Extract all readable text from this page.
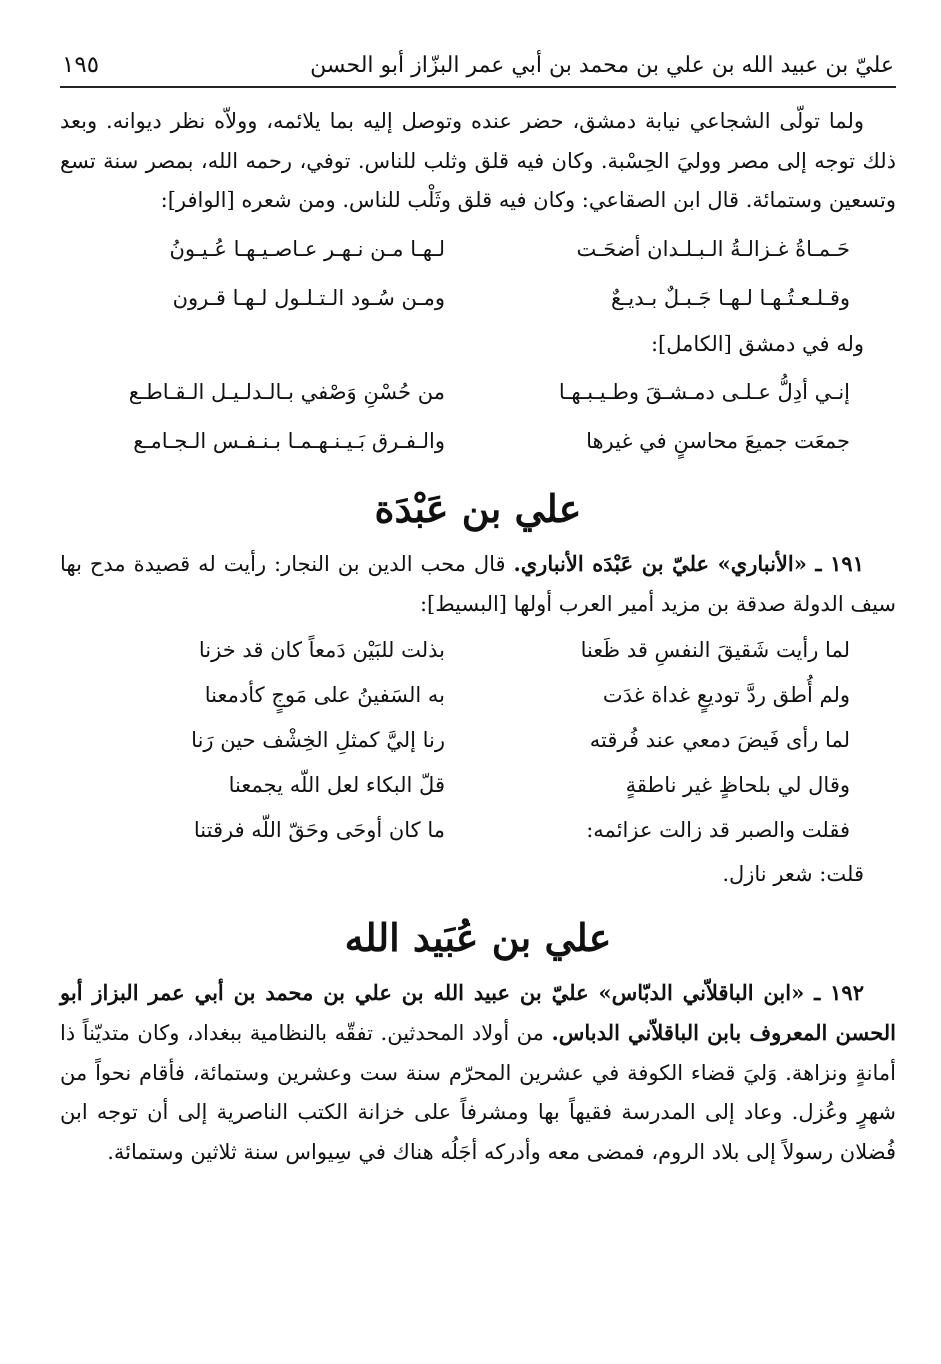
عليّ بن عبيد الله بن علي بن محمد بن أبي عمر البزّاز أبو الحسن
١٩٥

ولما تولّى الشجاعي نيابة دمشق، حضر عنده وتوصل إليه بما يلائمه، وولاّه نظر ديوانه. وبعد ذلك توجه إلى مصر ووليَ الحِسْبة. وكان فيه قلق وثلب للناس. توفي، رحمه الله، بمصر سنة تسع وتسعين وستمائة. قال ابن الصقاعي: وكان فيه قلق وثَلْب للناس. ومن شعره [الوافر]:

حَـمـاةُ غـزالـةُ الـبـلـدان أضحَـت
لـهـا مـن نـهـر عـاصـيـهـا عُـيـونُ
وقـلـعـتُـهـا لـهـا جَـبـلٌ بـديـعٌ
ومـن سُـود الـتـلـول لـهـا قـرون

وله في دمشق [الكامل]:

إنـي أدِلُّ عـلـى دمـشـقَ وطـيـبـهـا
من حُسْنِ وَصْفي بـالـدلـيـل الـقـاطـع
جمعَت جميعَ محاسنٍ في غيرها
والـفـرق بَـيـنـهـمـا بـنـفـس الـجـامـع
علي بن عَبْدَة

١٩١ ـ «الأنباري» عليّ بن عَبْدَه الأنباري. قال محب الدين بن النجار: رأيت له قصيدة مدح بها سيف الدولة صدقة بن مزيد أمير العرب أولها [البسيط]:

لما رأيت شَقيقَ النفسِ قد ظَعنا
بذلت للبَيْن دَمعاً كان قد خزنا
ولم أُطق ردَّ توديعٍ غداة غدَت
به السَفينُ على مَوجٍ كأدمعنا
لما رأى فَيضَ دمعي عند فُرقته
رنا إليَّ كمثلِ الخِشْف حين رَنا
وقال لي بلحاظٍ غير ناطقةٍ
قلّ البكاء لعل اللّه يجمعنا
فقلت والصبر قد زالت عزائمه:
ما كان أوحَى وحَقّ اللّه فرقتنا

قلت: شعر نازل.

علي بن عُبَيد الله

١٩٢ ـ «ابن الباقلاّني الدبّاس» عليّ بن عبيد الله بن علي بن محمد بن أبي عمر البزاز أبو الحسن المعروف بابن الباقلاّني الدباس. من أولاد المحدثين. تفقّه بالنظامية ببغداد، وكان متديّناً ذا أمانةٍ ونزاهة. وَليَ قضاء الكوفة في عشرين المحرّم سنة ست وعشرين وستمائة، فأقام نحواً من شهرٍ وعُزل. وعاد إلى المدرسة فقيهاً بها ومشرفاً على خزانة الكتب الناصرية إلى أن توجه ابن فُضلان رسولاً إلى بلاد الروم، فمضى معه وأدركه أجَلُه هناك في سِيواس سنة ثلاثين وستمائة.
